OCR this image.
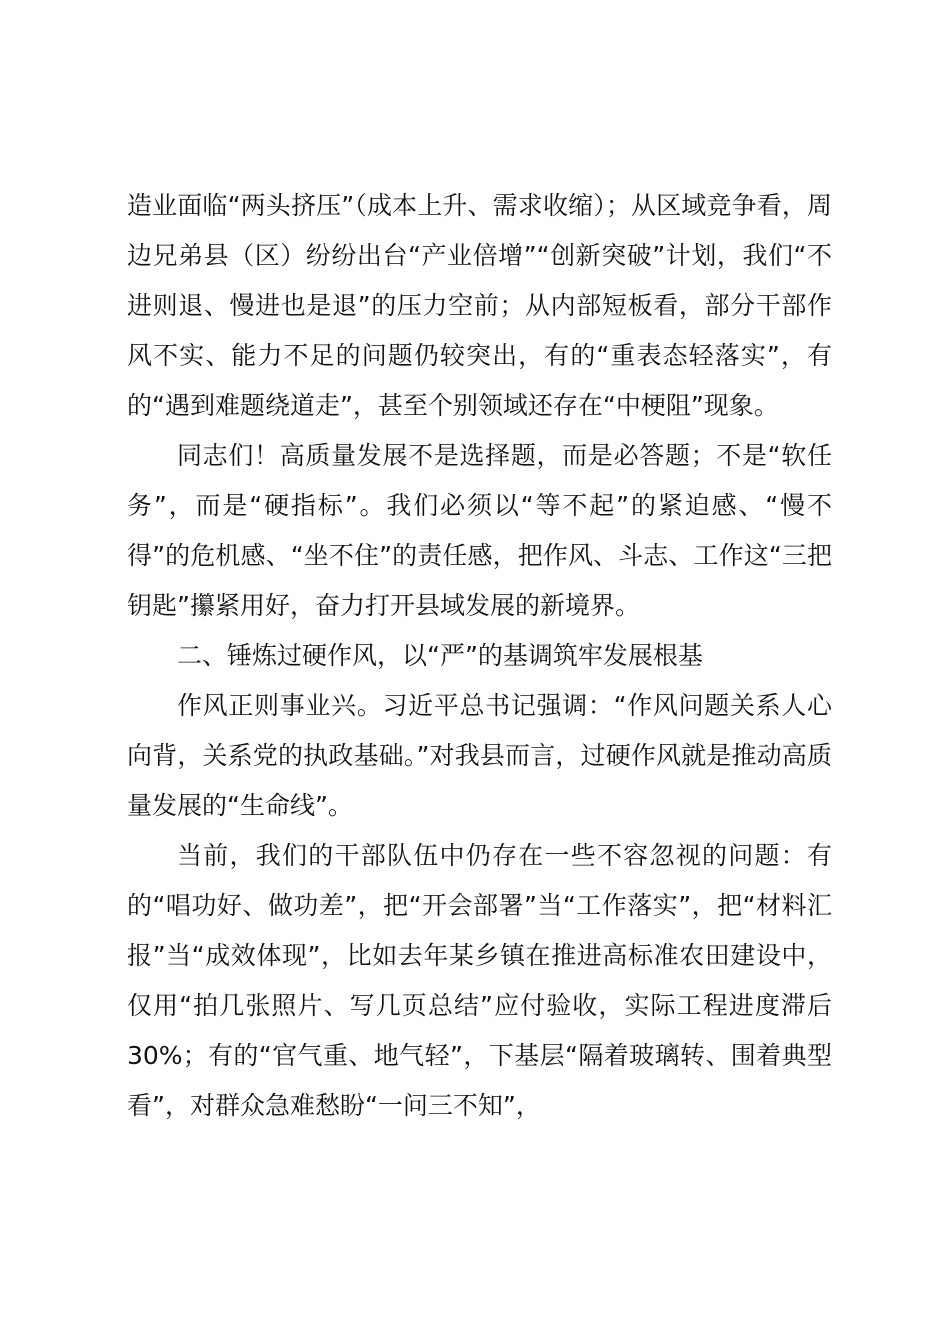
造业面临“两头挤压”（成本上升、需求收缩）；从区域竞争看，周边兄弟县（区）纷纷出台“产业倍增”“创新突破”计划，我们“不进则退、慢进也是退”的压力空前；从内部短板看，部分干部作风不实、能力不足的问题仍较突出，有的“重表态轻落实”，有的“遇到难题绕道走”，甚至个别领域还存在“中梗阻”现象。

同志们！高质量发展不是选择题，而是必答题；不是“软任务”，而是“硬指标”。我们必须以“等不起”的紧迫感、“慢不得”的危机感、“坐不住”的责任感，把作风、斗志、工作这“三把钥匙”攥紧用好，奋力打开县域发展的新境界。

二、锤炼过硬作风，以“严”的基调筑牢发展根基

作风正则事业兴。习近平总书记强调：“作风问题关系人心向背，关系党的执政基础。”对我县而言，过硬作风就是推动高质量发展的“生命线”。

当前，我们的干部队伍中仍存在一些不容忽视的问题：有的“唱功好、做功差”，把“开会部署”当“工作落实”，把“材料汇报”当“成效体现”，比如去年某乡镇在推进高标准农田建设中，仅用“拍几张照片、写几页总结”应付验收，实际工程进度滞后30%；有的“官气重、地气轻”，下基层“隔着玻璃转、围着典型看”，对群众急难愁盼“一问三不知”，
